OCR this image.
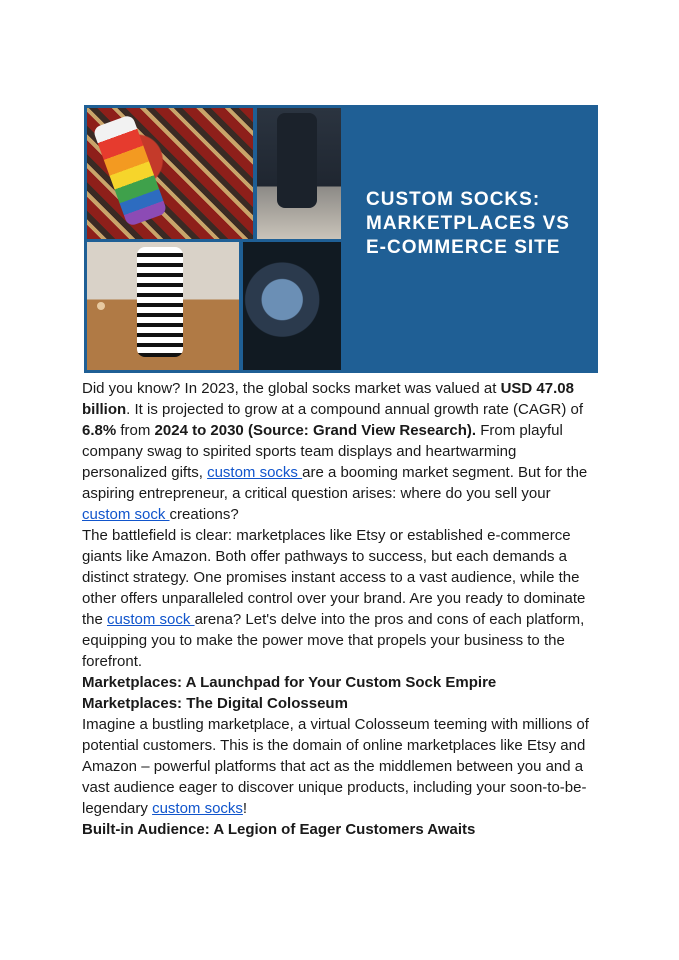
CUSTOM SOCKS: MARKETPLACES VS E-COMMERCE SITE

Did you know? In 2023, the global socks market was valued at USD 47.08 billion. It is projected to grow at a compound annual growth rate (CAGR) of 6.8% from 2024 to 2030 (Source: Grand View Research). From playful company swag to spirited sports team displays and heartwarming personalized gifts, custom socks are a booming market segment. But for the aspiring entrepreneur, a critical question arises: where do you sell your custom sock creations?

The battlefield is clear: marketplaces like Etsy or established e-commerce giants like Amazon. Both offer pathways to success, but each demands a distinct strategy. One promises instant access to a vast audience, while the other offers unparalleled control over your brand. Are you ready to dominate the custom sock arena? Let's delve into the pros and cons of each platform, equipping you to make the power move that propels your business to the forefront.

Marketplaces: A Launchpad for Your Custom Sock Empire
Marketplaces: The Digital Colosseum

Imagine a bustling marketplace, a virtual Colosseum teeming with millions of potential customers. This is the domain of online marketplaces like Etsy and Amazon – powerful platforms that act as the middlemen between you and a vast audience eager to discover unique products, including your soon-to-be-legendary custom socks!

Built-in Audience: A Legion of Eager Customers Awaits
